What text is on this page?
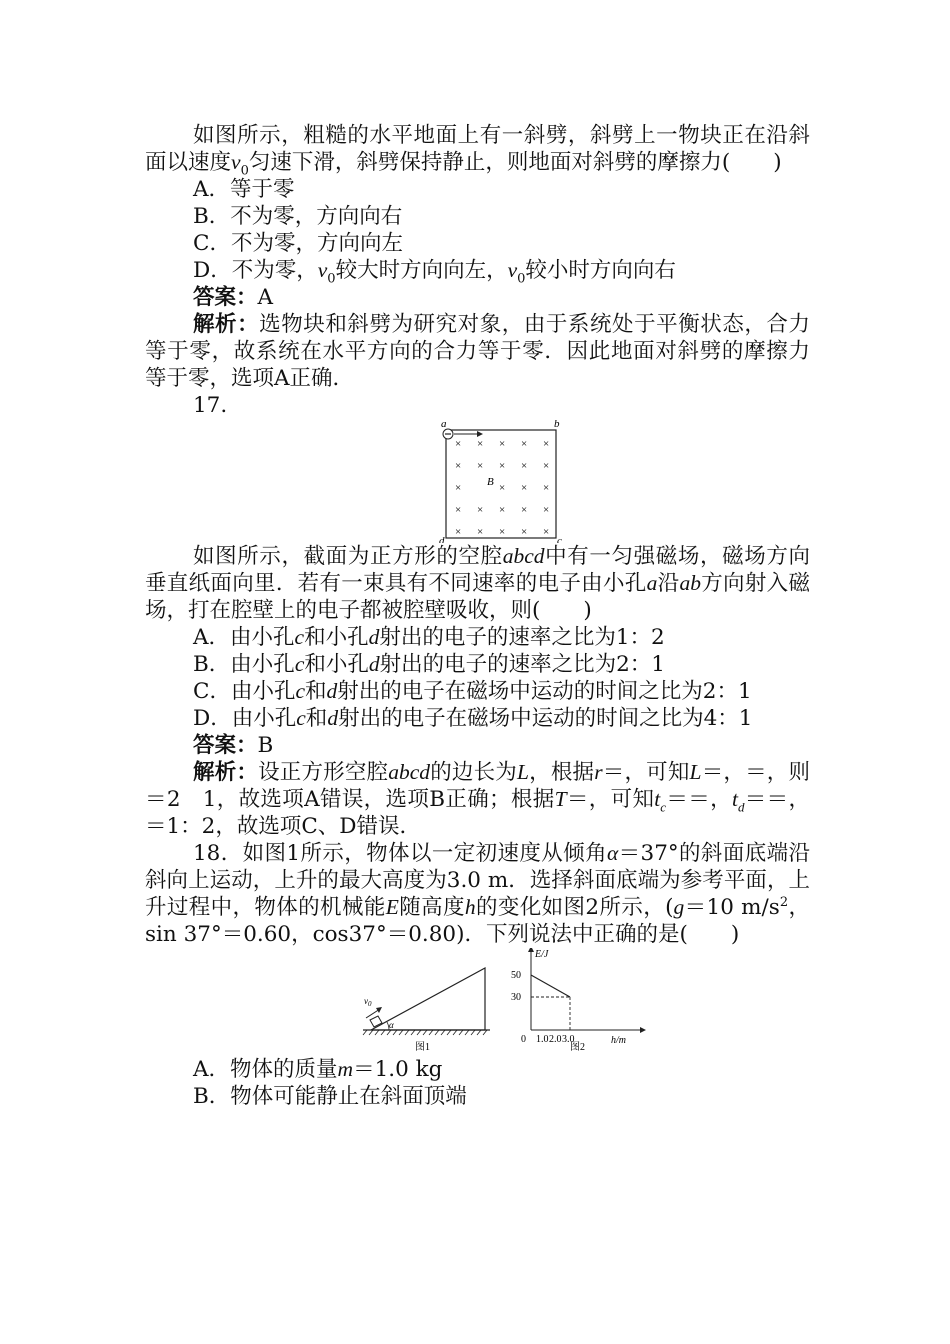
如图所示，粗糙的水平地面上有一斜劈，斜劈上一物块正在沿斜面以速度$v_0$匀速下滑，斜劈保持静止，则地面对斜劈的摩擦力(　　)

A．等于零

B．不为零，方向向右

C．不为零，方向向左

D．不为零，$v_0$较大时方向向左，$v_0$较小时方向向右

答案：A

解析：选物块和斜劈为研究对象，由于系统处于平衡状态，合力等于零，故系统在水平方向的合力等于零．因此地面对斜劈的摩擦力等于零，选项A正确．

17.

a	b
d	c
× × × × ×
× × × × ×
×	× × ×
× × × × ×
× × × × ×
B

如图所示，截面为正方形的空腔abcd中有一匀强磁场，磁场方向垂直纸面向里．若有一束具有不同速率的电子由小孔a沿ab方向射入磁场，打在腔壁上的电子都被腔壁吸收，则(　　)

A．由小孔c和小孔d射出的电子的速率之比为1：2

B．由小孔c和小孔d射出的电子的速率之比为2：1

C．由小孔c和d射出的电子在磁场中运动的时间之比为2：1

D．由小孔c和d射出的电子在磁场中运动的时间之比为4：1

答案：B

解析：设正方形空腔abcd的边长为L，根据r＝，可知L＝，＝，则＝2　1，故选项A错误，选项B正确；根据T＝，可知$t_c==$，$t_d==$，＝1：2，故选项C、D错误．

18．如图1所示，物体以一定初速度从倾角α＝37°的斜面底端沿斜向上运动，上升的最大高度为3.0 m．选择斜面底端为参考平面，上升过程中，物体的机械能E随高度h的变化如图2所示，(g＝10 $m/s^2$，sin 37°＝0.60，cos37°＝0.80)．下列说法中正确的是(　　)

$v_0$
α
图1
E/J
h/m
0
50
30
1.0 2.0 3.0
图2

A．物体的质量m＝1.0 kg

B．物体可能静止在斜面顶端
